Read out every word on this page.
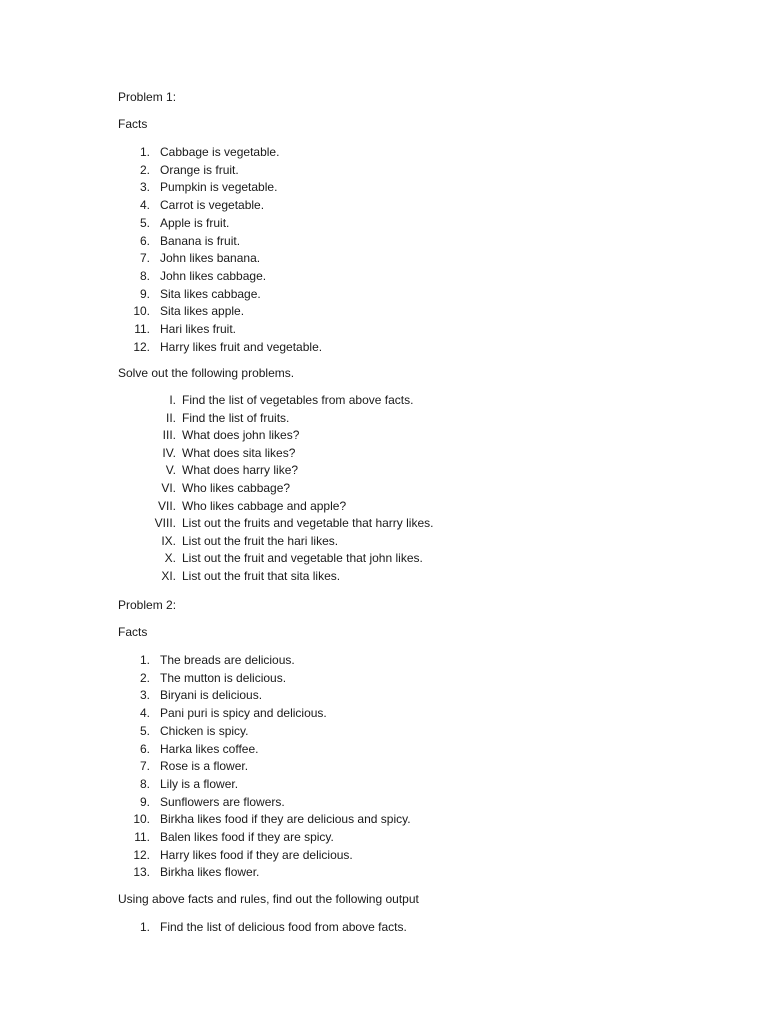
Problem 1:
Facts
1. Cabbage is vegetable.
2. Orange is fruit.
3. Pumpkin is vegetable.
4. Carrot is vegetable.
5. Apple is fruit.
6. Banana is fruit.
7. John likes banana.
8. John likes cabbage.
9. Sita likes cabbage.
10. Sita likes apple.
11. Hari likes fruit.
12. Harry likes fruit and vegetable.
Solve out the following problems.
I. Find the list of vegetables from above facts.
II. Find the list of fruits.
III. What does john likes?
IV. What does sita likes?
V. What does harry like?
VI. Who likes cabbage?
VII. Who likes cabbage and apple?
VIII. List out the fruits and vegetable that harry likes.
IX. List out the fruit the hari likes.
X. List out the fruit and vegetable that john likes.
XI. List out the fruit that sita likes.
Problem 2:
Facts
1. The breads are delicious.
2. The mutton is delicious.
3. Biryani is delicious.
4. Pani puri is spicy and delicious.
5. Chicken is spicy.
6. Harka likes coffee.
7. Rose is a flower.
8. Lily is a flower.
9. Sunflowers are flowers.
10. Birkha likes food if they are delicious and spicy.
11. Balen likes food if they are spicy.
12. Harry likes food if they are delicious.
13. Birkha likes flower.
Using above facts and rules, find out the following output
1. Find the list of delicious food from above facts.
